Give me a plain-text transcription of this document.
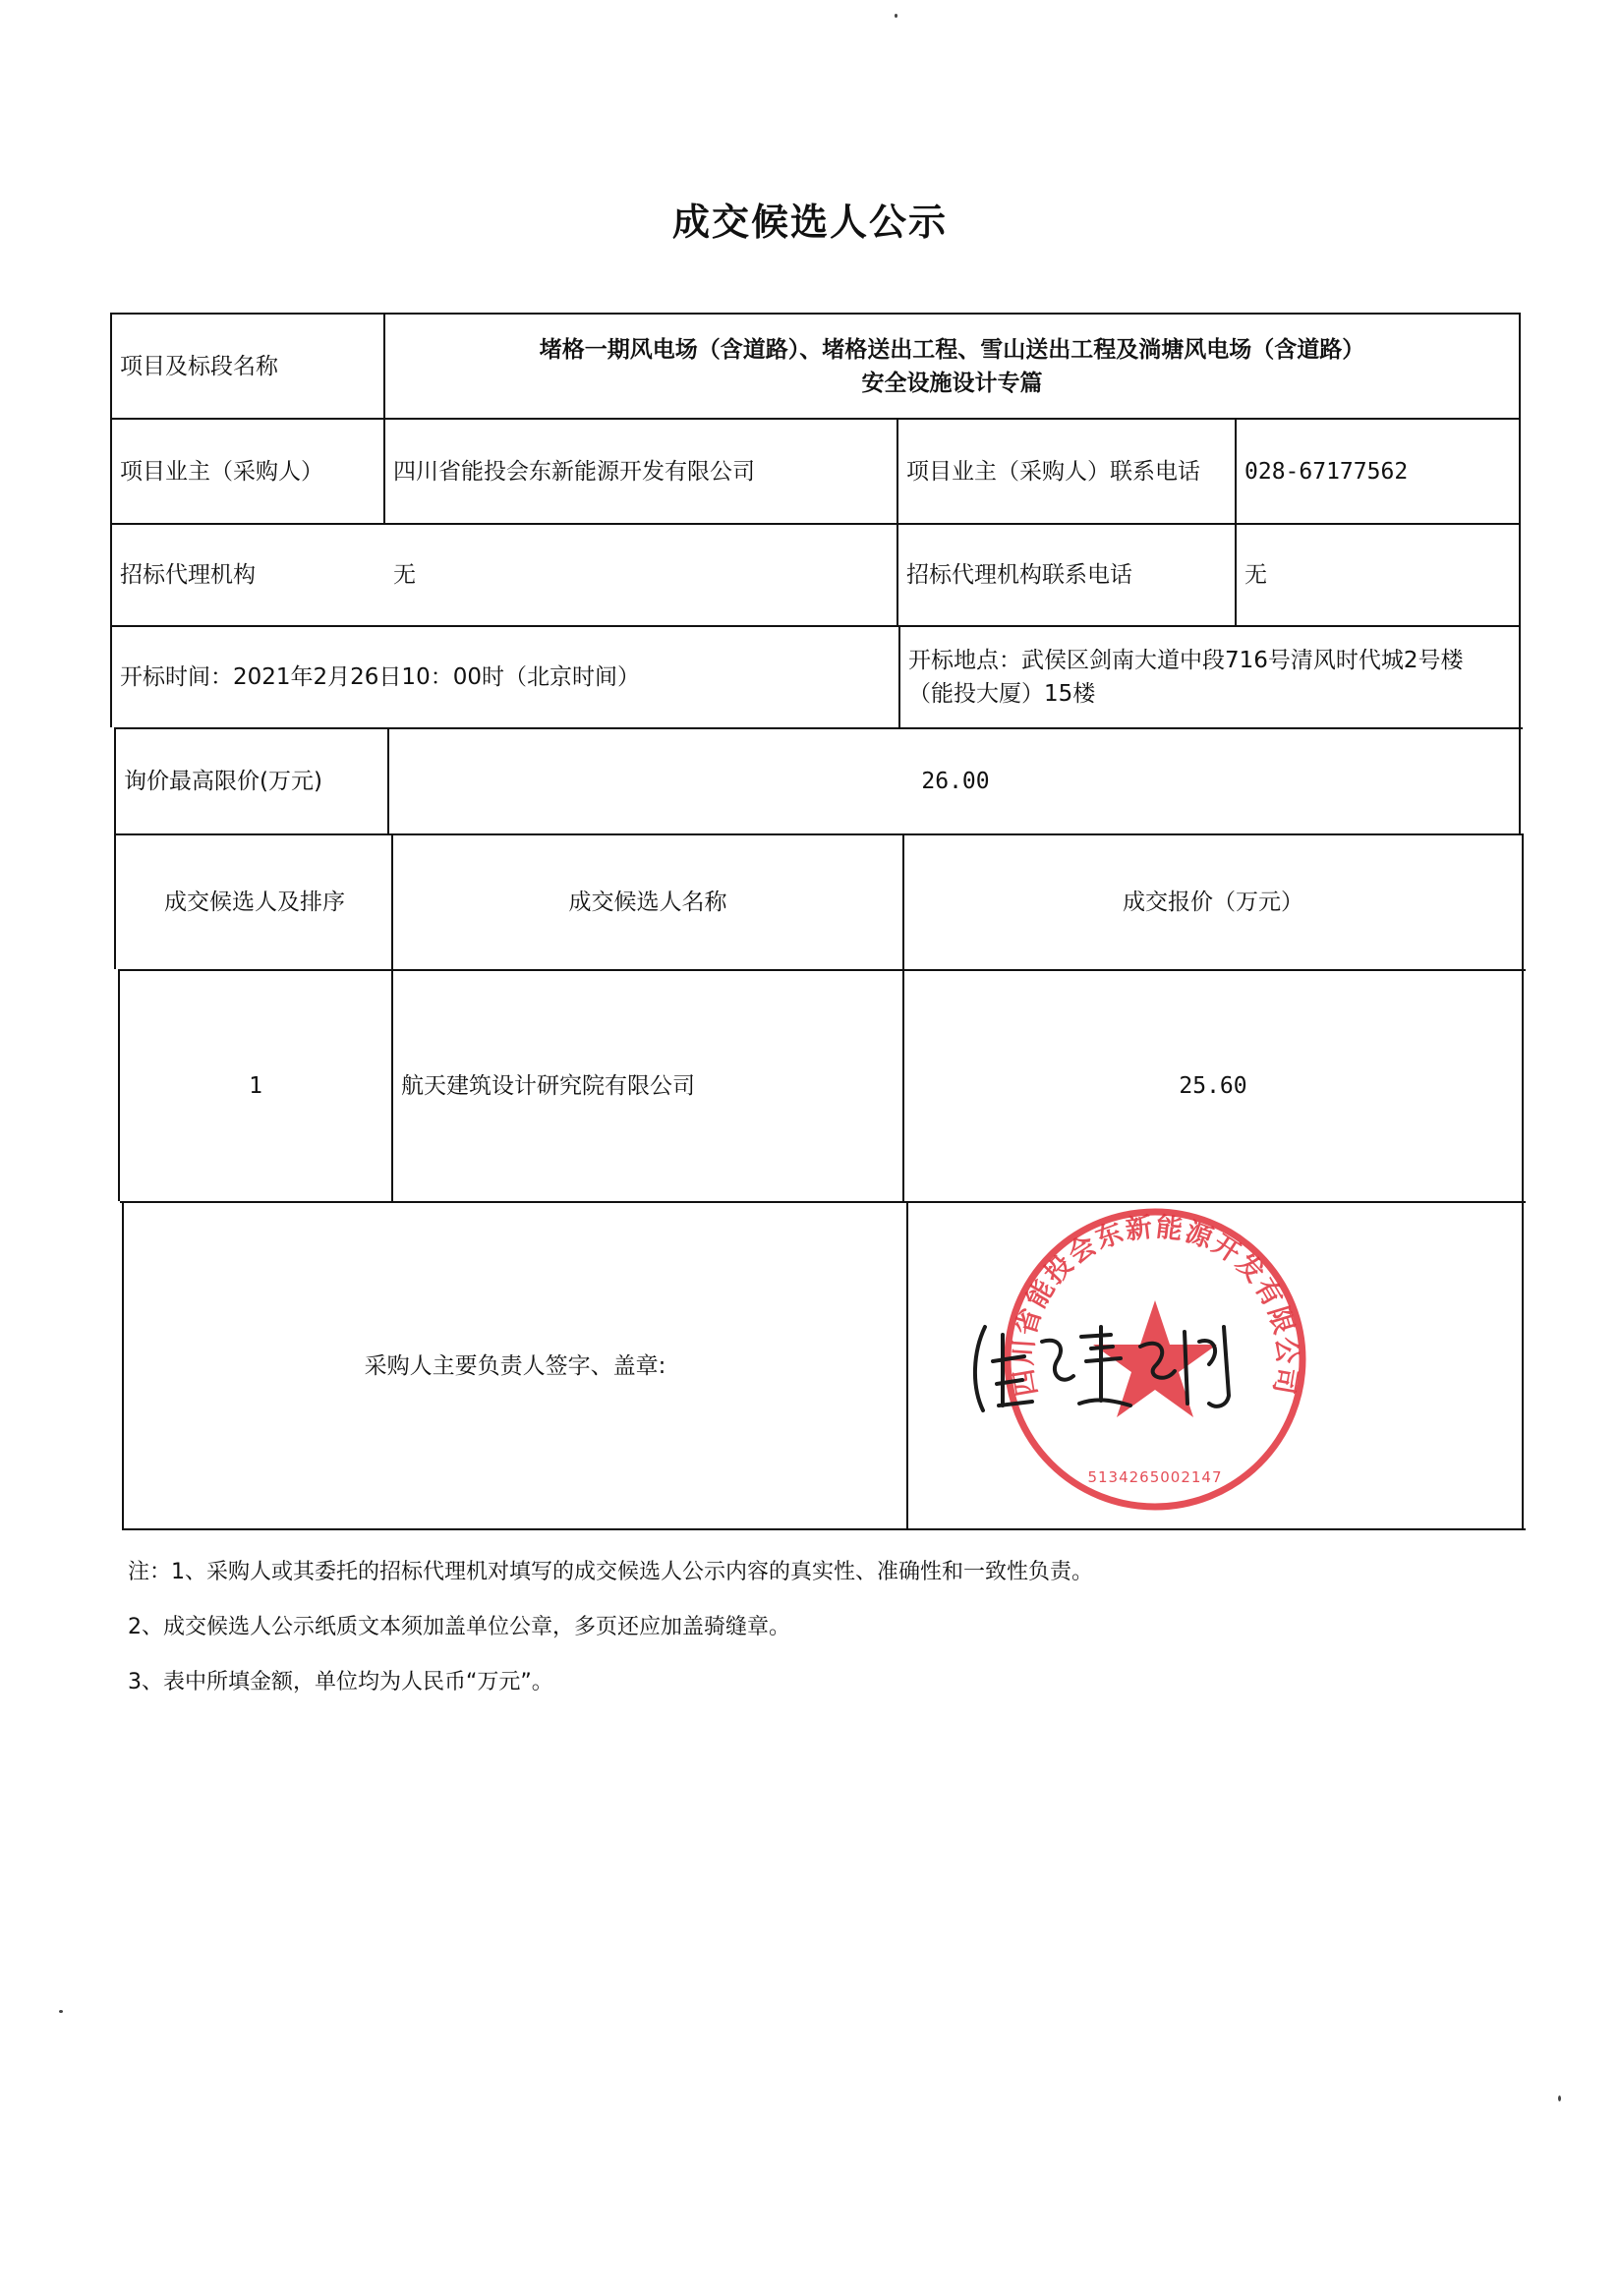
成交候选人公示
项目及标段名称
堵格一期风电场（含道路）、堵格送出工程、雪山送出工程及淌塘风电场（含道路）
安全设施设计专篇
项目业主（采购人）	四川省能投会东新能源开发有限公司	项目业主（采购人）联系电话	028-67177562
招标代理机构	无	招标代理机构联系电话	无
开标时间：2021年2月26日10：00时（北京时间）
开标地点：武侯区剑南大道中段716号清风时代城2号楼
（能投大厦）15楼
询价最高限价(万元)	26.00
成交候选人及排序	成交候选人名称	成交报价（万元）
1	航天建筑设计研究院有限公司	25.60
采购人主要负责人签字、盖章:	四川省能投会东新能源开发有限公司
5134265002147
注：1、采购人或其委托的招标代理机对填写的成交候选人公示内容的真实性、准确性和一致性负责。
2、成交候选人公示纸质文本须加盖单位公章，多页还应加盖骑缝章。
3、表中所填金额，单位均为人民币“万元”。
